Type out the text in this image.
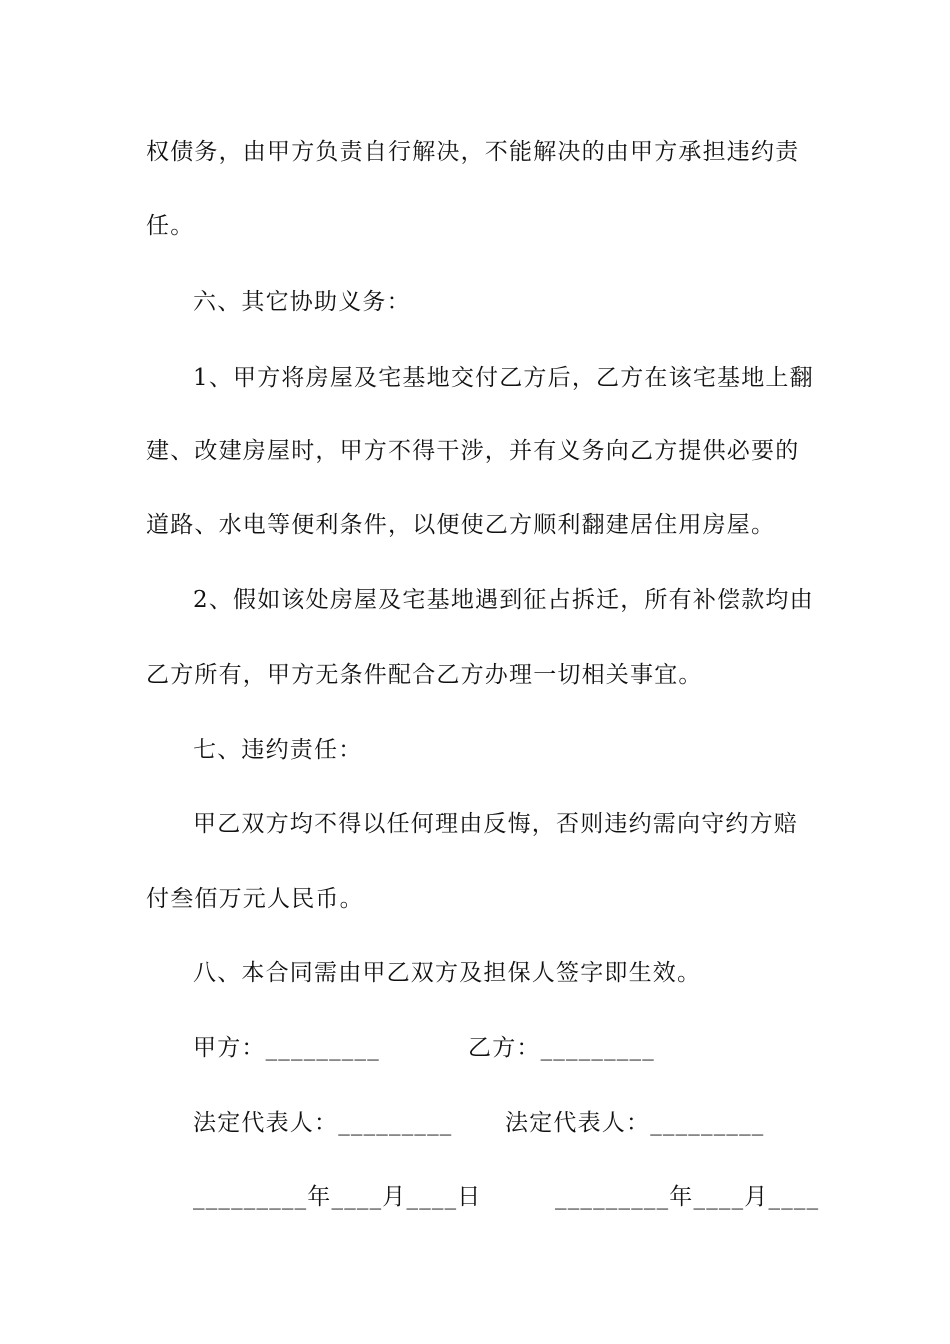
权债务，由甲方负责自行解决，不能解决的由甲方承担违约责
任。
六、其它协助义务：
1、甲方将房屋及宅基地交付乙方后，乙方在该宅基地上翻
建、改建房屋时，甲方不得干涉，并有义务向乙方提供必要的
道路、水电等便利条件，以便使乙方顺利翻建居住用房屋。
2、假如该处房屋及宅基地遇到征占拆迁，所有补偿款均由
乙方所有，甲方无条件配合乙方办理一切相关事宜。
七、违约责任：
甲乙双方均不得以任何理由反悔，否则违约需向守约方赔
付叁佰万元人民币。
八、本合同需由甲乙双方及担保人签字即生效。
甲方：_________	乙方：_________
法定代表人：_________ 法定代表人：_________
_________年____月____日	_________年____月____
